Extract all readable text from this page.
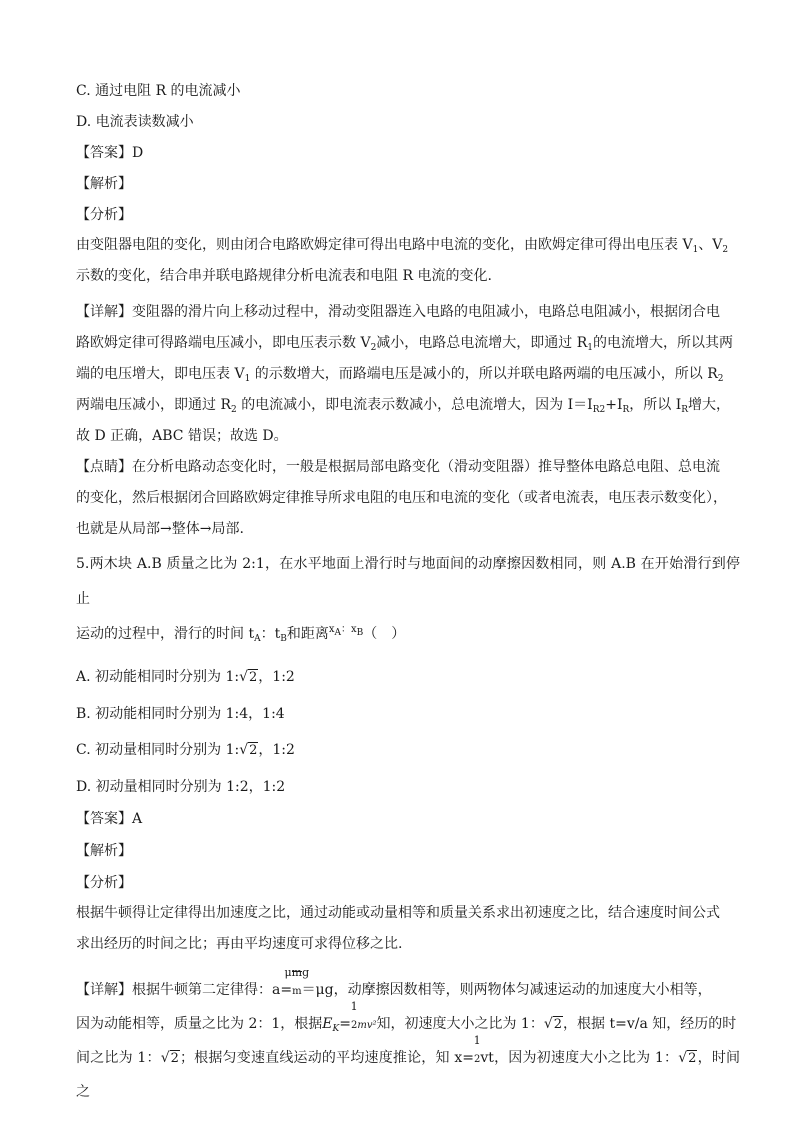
C. 通过电阻 R 的电流减小

D. 电流表读数减小

【答案】D

【解析】

【分析】

由变阻器电阻的变化，则由闭合电路欧姆定律可得出电路中电流的变化，由欧姆定律可得出电压表 $V_1$、$V_2$
示数的变化，结合串并联电路规律分析电流表和电阻 R 电流的变化.
【详解】变阻器的滑片向上移动过程中，滑动变阻器连入电路的电阻减小，电路总电阻减小，根据闭合电
路欧姆定律可得路端电压减小，即电压表示数 $V_2$减小，电路总电流增大，即通过 $R_1$的电流增大，所以其两
端的电压增大，即电压表 $V_1$ 的示数增大，而路端电压是减小的，所以并联电路两端的电压减小，所以 $R_2$
两端电压减小，即通过 $R_2$ 的电流减小，即电流表示数减小，总电流增大，因为 $I=I_{R2}+I_R$，所以 $I_R$增大，
故 D 正确，ABC 错误；故选 D。
【点睛】在分析电路动态变化时，一般是根据局部电路变化（滑动变阻器）推导整体电路总电阻、总电流
的变化，然后根据闭合回路欧姆定律推导所求电阻的电压和电流的变化（或者电流表，电压表示数变化），
也就是从局部→整体→局部.
5.两木块 A.B 质量之比为 2:1，在水平地面上滑行时与地面间的动摩擦因数相同，则 A.B 在开始滑行到停止
运动的过程中，滑行的时间 $t_A$：$t_B$和距离$^{x_A:x_B}$（　）

A. 初动能相同时分别为 1:√2，1:2

B. 初动能相同时分别为 1:4，1:4

C. 初动量相同时分别为 1:√2，1:2

D. 初动量相同时分别为 1:2，1:2

【答案】A

【解析】

【分析】

根据牛顿得让定律得出加速度之比，通过动能或动量相等和质量关系求出初速度之比，结合速度时间公式
求出经历的时间之比；再由平均速度可求得位移之比.
【详解】根据牛顿第二定律得：a=
μmg
m＝μg，动摩擦因数相等，则两物体匀减速运动的加速度大小相等，
因为动能相等，质量之比为 2：1，根据$E_K=$
1
2mv²知，初速度大小之比为 1：√2，根据 t=v/a 知，经历的时
间之比为 1：√2；根据匀变速直线运动的平均速度推论，知 x=
1
2vt，因为初速度大小之比为 1：√2，时间之
